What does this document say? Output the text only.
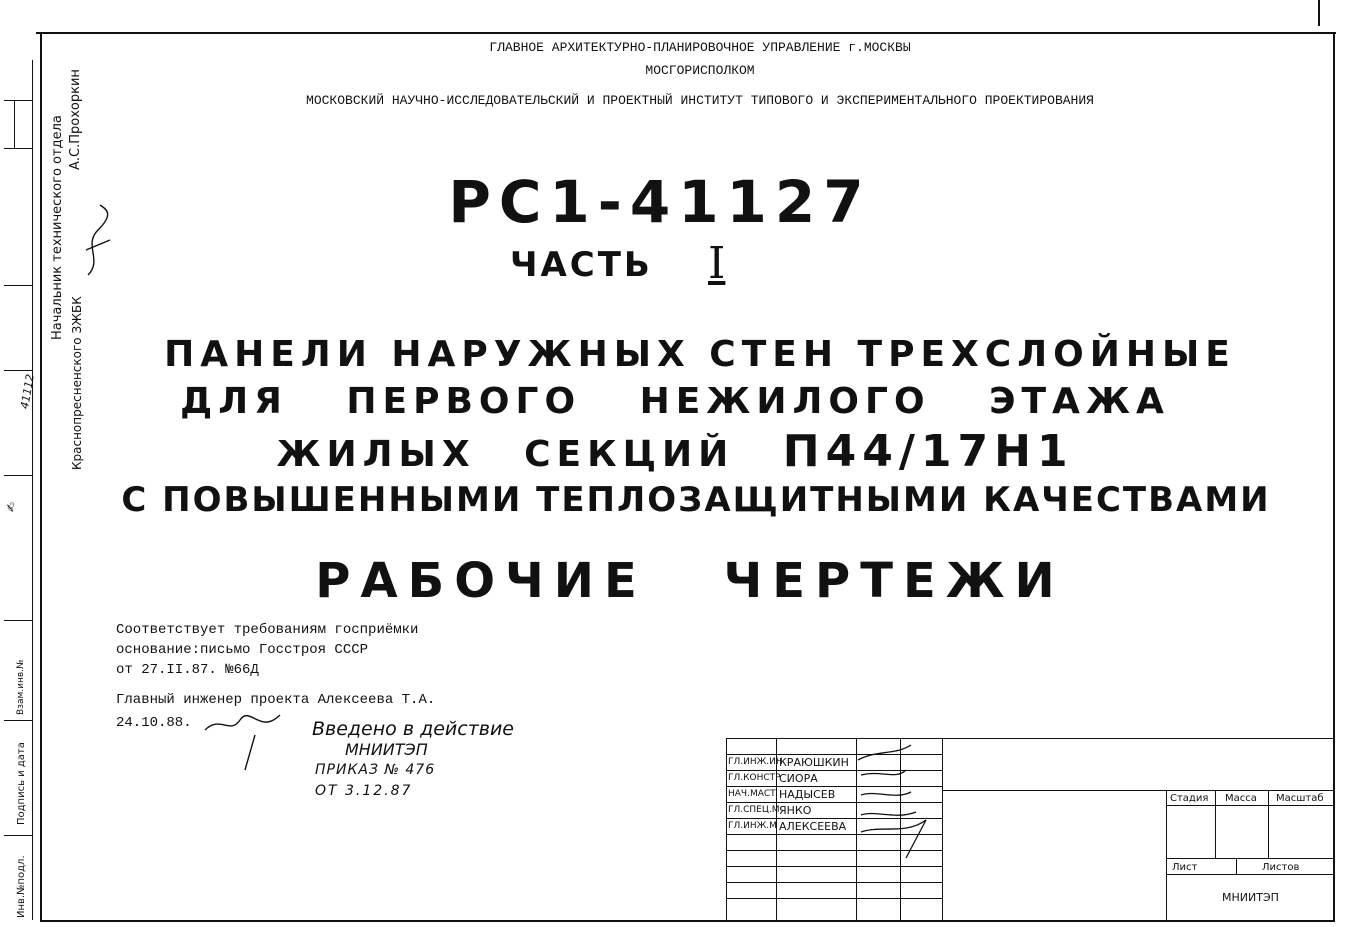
Инв.№подл.
Подпись и дата
Взам.инв.№
41112
✍
Начальник технического отдела
Краснопресненского ЗЖБК
А.С.Прохоркин
ГЛАВНОЕ АРХИТЕКТУРНО-ПЛАНИРОВОЧНОЕ УПРАВЛЕНИЕ г.МОСКВЫ
МОСГОРИСПОЛКОМ
МОСКОВСКИЙ НАУЧНО-ИССЛЕДОВАТЕЛЬСКИЙ И ПРОЕКТНЫЙ ИНСТИТУТ ТИПОВОГО И ЭКСПЕРИМЕНТАЛЬНОГО ПРОЕКТИРОВАНИЯ
РС1-41127
ЧАСТЬ I
ПАНЕЛИ НАРУЖНЫХ СТЕН ТРЕХСЛОЙНЫЕ
ДЛЯ ПЕРВОГО НЕЖИЛОГО ЭТАЖА
ЖИЛЫХ СЕКЦИЙ П44/17Н1
С ПОВЫШЕННЫМИ ТЕПЛОЗАЩИТНЫМИ КАЧЕСТВАМИ
РАБОЧИЕ ЧЕРТЕЖИ
Соответствует требованиям госприёмки
основание:письмо Госстроя СССР
от 27.II.87. №66Д
Главный инженер проекта Алексеева Т.А.
24.10.88.	Введено в действие
МНИИТЭП
ПРИКАЗ № 476
ОТ 3.12.87
ГЛ.ИНЖ.ИН
КРАЮШКИН
ГЛ.КОНСТР
СИОРА
НАЧ.МАСТ НАДЫСЕВ
ГЛ.СПЕЦ.М ЯНКО
ГЛ.ИНЖ.М АЛЕКСЕЕВА
Стадия Масса Масштаб
Лист	Листов
МНИИТЭП
